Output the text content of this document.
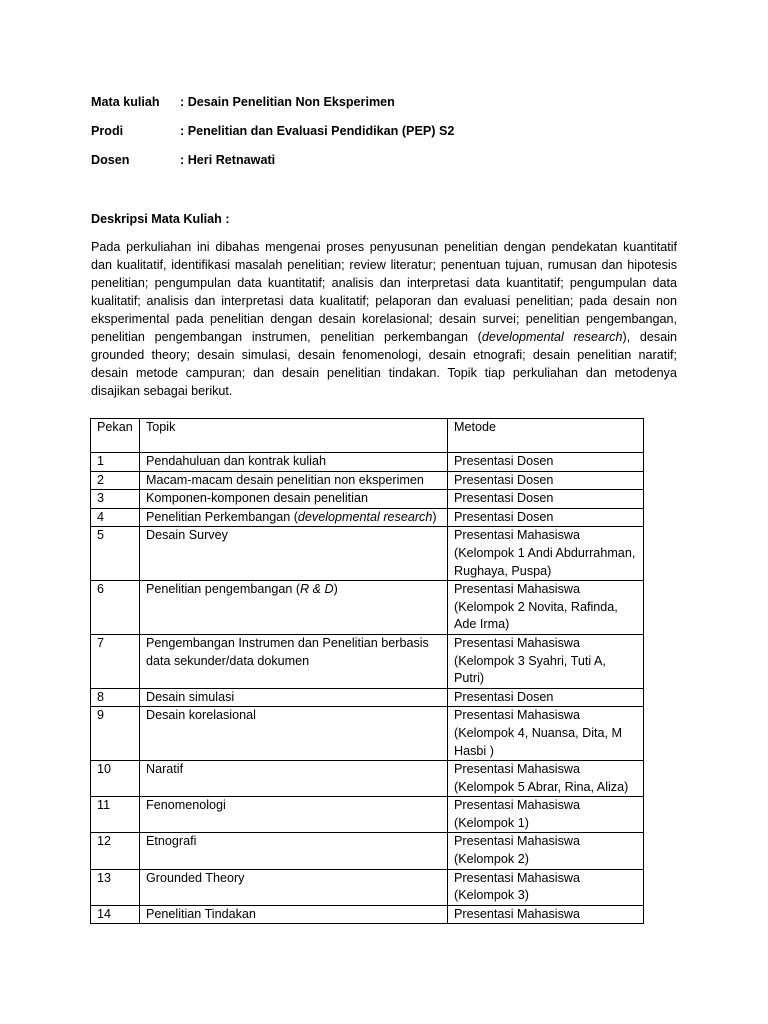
Mata kuliah	: Desain Penelitian Non Eksperimen
Prodi	: Penelitian dan Evaluasi Pendidikan (PEP) S2
Dosen	: Heri Retnawati
Deskripsi Mata Kuliah :

Pada perkuliahan ini dibahas mengenai proses penyusunan penelitian dengan pendekatan kuantitatif dan kualitatif, identifikasi masalah penelitian; review literatur; penentuan tujuan, rumusan dan hipotesis penelitian; pengumpulan data kuantitatif; analisis dan interpretasi data kuantitatif; pengumpulan data kualitatif; analisis dan interpretasi data kualitatif; pelaporan dan evaluasi penelitian; pada desain non eksperimental pada penelitian dengan desain korelasional; desain survei; penelitian pengembangan, penelitian pengembangan instrumen, penelitian perkembangan (developmental research), desain grounded theory; desain simulasi, desain fenomenologi, desain etnografi; desain penelitian naratif; desain metode campuran; dan desain penelitian tindakan. Topik tiap perkuliahan dan metodenya disajikan sebagai berikut.

Pekan	Topik	Metode
1	Pendahuluan dan kontrak kuliah	Presentasi Dosen
2	Macam-macam desain penelitian non eksperimen	Presentasi Dosen
3	Komponen-komponen desain penelitian	Presentasi Dosen
4	Penelitian Perkembangan (developmental research)	Presentasi Dosen
5	Desain Survey	Presentasi Mahasiswa (Kelompok 1 Andi Abdurrahman, Rughaya, Puspa)
6	Penelitian pengembangan (R & D)	Presentasi Mahasiswa (Kelompok 2 Novita, Rafinda, Ade Irma)
7	Pengembangan Instrumen dan Penelitian berbasis data sekunder/data dokumen	Presentasi Mahasiswa (Kelompok 3 Syahri, Tuti A, Putri)
8	Desain simulasi	Presentasi Dosen
9	Desain korelasional	Presentasi Mahasiswa (Kelompok 4, Nuansa, Dita, M Hasbi )
10	Naratif	Presentasi Mahasiswa (Kelompok 5 Abrar, Rina, Aliza)
11	Fenomenologi	Presentasi Mahasiswa (Kelompok 1)
12	Etnografi	Presentasi Mahasiswa (Kelompok 2)
13	Grounded Theory	Presentasi Mahasiswa (Kelompok 3)
14	Penelitian Tindakan	Presentasi Mahasiswa
